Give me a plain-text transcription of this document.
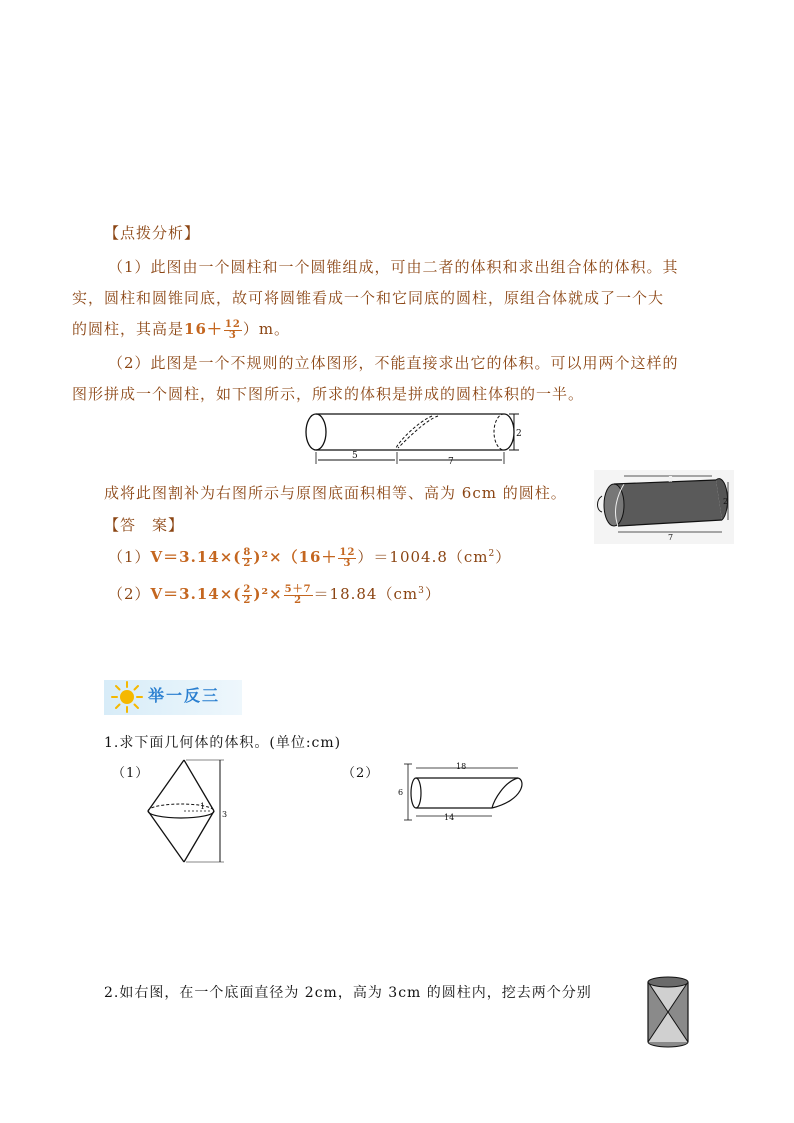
【点拨分析】
（1）此图由一个圆柱和一个圆锥组成，可由二者的体积和求出组合体的体积。其
实，圆柱和圆锥同底，故可将圆锥看成一个和它同底的圆柱，原组合体就成了一个大
的圆柱，其高是$16+ \frac{12}{3} )m$。
（2）此图是一个不规则的立体图形，不能直接求出它的体积。可以用两个这样的
图形拼成一个圆柱，如下图所示，所求的体积是拼成的圆柱体积的一半。
5
7
2
成将此图割补为右图所示与原图底面积相等、高为 6cm 的圆柱。
5
7
2
【答　案】
$(1)V=3.14\times( \frac{8}{2} )^2\times(16+ \frac{12}{3} )=1004.8(cm^2)$
$(2)V=3.14\times( \frac{2}{2} )^2\times \frac{5+7}{2} =18.84(cm^3)$
举一反三
1.求下面几何体的体积。(单位:cm)
（1）	（2）
1
3
6
18
14
2.如右图，在一个底面直径为 2cm，高为 3cm 的圆柱内，挖去两个分别
